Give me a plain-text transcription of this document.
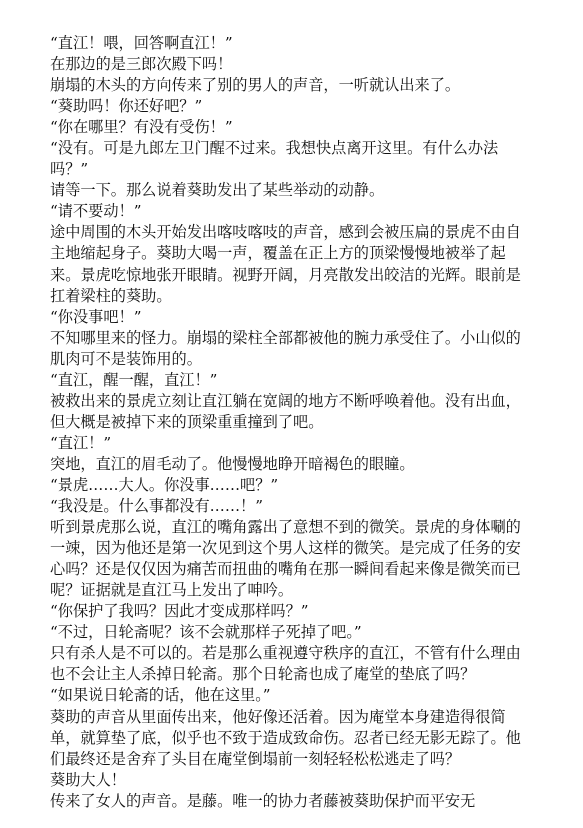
“直江！喂，回答啊直江！”

在那边的是三郎次殿下吗！

崩塌的木头的方向传来了别的男人的声音，一听就认出来了。

“葵助吗！你还好吧？”

“你在哪里？有没有受伤！”

“没有。可是九郎左卫门醒不过来。我想快点离开这里。有什么办法吗？”

请等一下。那么说着葵助发出了某些举动的动静。

“请不要动！”

途中周围的木头开始发出喀吱喀吱的声音，感到会被压扁的景虎不由自主地缩起身子。葵助大喝一声，覆盖在正上方的顶梁慢慢地被举了起来。景虎吃惊地张开眼睛。视野开阔，月亮散发出皎洁的光辉。眼前是扛着梁柱的葵助。

“你没事吧！”

不知哪里来的怪力。崩塌的梁柱全部都被他的腕力承受住了。小山似的肌肉可不是装饰用的。

“直江，醒一醒，直江！”

被救出来的景虎立刻让直江躺在宽阔的地方不断呼唤着他。没有出血，但大概是被掉下来的顶梁重重撞到了吧。

“直江！”

突地，直江的眉毛动了。他慢慢地睁开暗褐色的眼瞳。

“景虎……大人。你没事……吧？”

“我没是。什么事都没有……！”

听到景虎那么说，直江的嘴角露出了意想不到的微笑。景虎的身体唰的一竦，因为他还是第一次见到这个男人这样的微笑。是完成了任务的安心吗？还是仅仅因为痛苦而扭曲的嘴角在那一瞬间看起来像是微笑而已呢？证据就是直江马上发出了呻吟。

“你保护了我吗？因此才变成那样吗？”

“不过，日轮斋呢？该不会就那样子死掉了吧。”

只有杀人是不可以的。若是那么重视遵守秩序的直江，不管有什么理由也不会让主人杀掉日轮斋。那个日轮斋也成了庵堂的垫底了吗？

“如果说日轮斋的话，他在这里。”

葵助的声音从里面传出来，他好像还活着。因为庵堂本身建造得很简单，就算垫了底，似乎也不致于造成致命伤。忍者已经无影无踪了。他们最终还是舍弃了头目在庵堂倒塌前一刻轻轻松松逃走了吗？

葵助大人！

传来了女人的声音。是藤。唯一的协力者藤被葵助保护而平安无
